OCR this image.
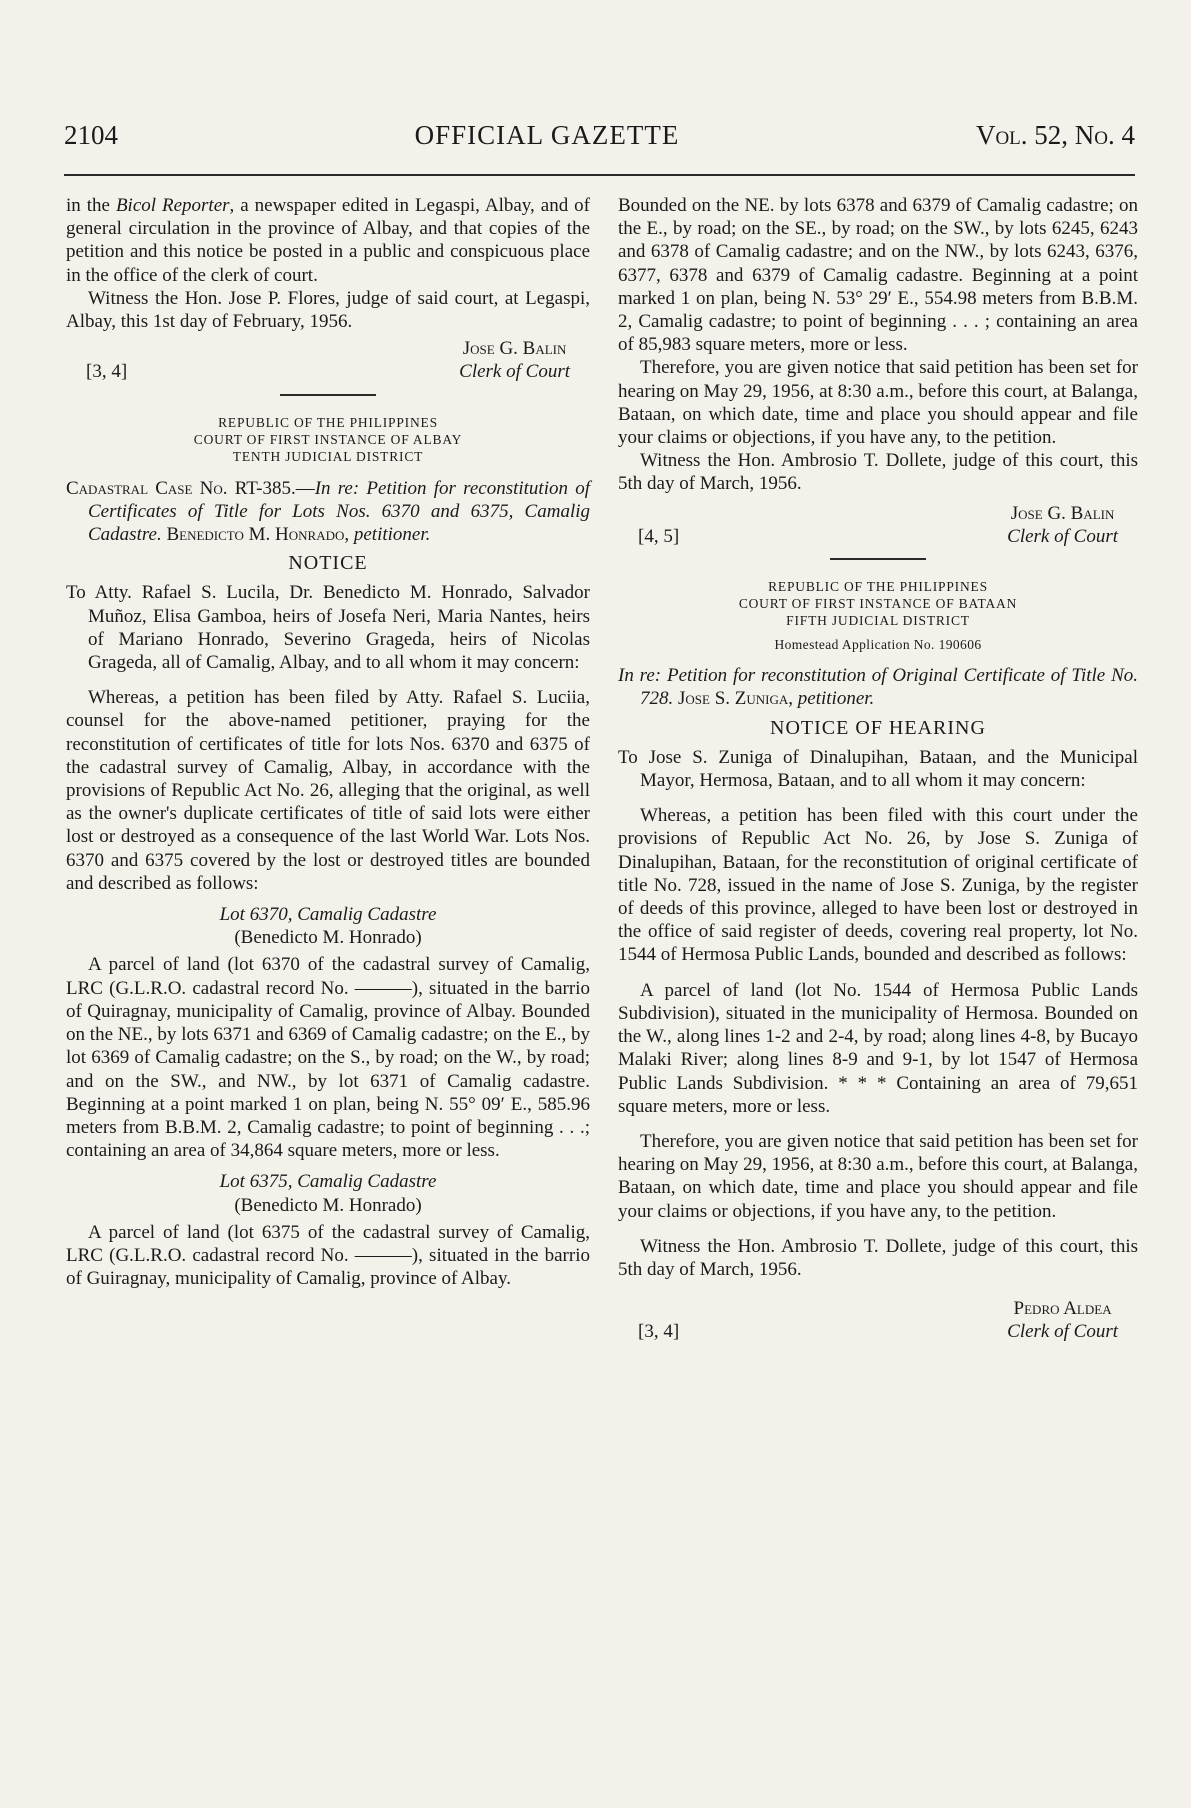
2104	OFFICIAL GAZETTE	Vol. 52, No. 4

in the Bicol Reporter, a newspaper edited in Legaspi, Albay, and of general circulation in the province of Albay, and that copies of the petition and this notice be posted in a public and conspicuous place in the office of the clerk of court.

Witness the Hon. Jose P. Flores, judge of said court, at Legaspi, Albay, this 1st day of February, 1956.

[3, 4]
Jose G. Balin
Clerk of Court
REPUBLIC OF THE PHILIPPINES
COURT OF FIRST INSTANCE OF ALBAY
TENTH JUDICIAL DISTRICT

Cadastral Case No. RT-385.—In re: Petition for reconstitution of Certificates of Title for Lots Nos. 6370 and 6375, Camalig Cadastre. Benedicto M. Honrado, petitioner.

NOTICE

To Atty. Rafael S. Lucila, Dr. Benedicto M. Honrado, Salvador Muñoz, Elisa Gamboa, heirs of Josefa Neri, Maria Nantes, heirs of Mariano Honrado, Severino Grageda, heirs of Nicolas Grageda, all of Camalig, Albay, and to all whom it may concern:

Whereas, a petition has been filed by Atty. Rafael S. Luciia, counsel for the above-named petitioner, praying for the reconstitution of certificates of title for lots Nos. 6370 and 6375 of the cadastral survey of Camalig, Albay, in accordance with the provisions of Republic Act No. 26, alleging that the original, as well as the owner's duplicate certificates of title of said lots were either lost or destroyed as a consequence of the last World War. Lots Nos. 6370 and 6375 covered by the lost or destroyed titles are bounded and described as follows:

Lot 6370, Camalig Cadastre
(Benedicto M. Honrado)

A parcel of land (lot 6370 of the cadastral survey of Camalig, LRC (G.L.R.O. cadastral record No. ———), situated in the barrio of Quiragnay, municipality of Camalig, province of Albay. Bounded on the NE., by lots 6371 and 6369 of Camalig cadastre; on the E., by lot 6369 of Camalig cadastre; on the S., by road; on the W., by road; and on the SW., and NW., by lot 6371 of Camalig cadastre. Beginning at a point marked 1 on plan, being N. 55° 09′ E., 585.96 meters from B.B.M. 2, Camalig cadastre; to point of beginning . . .; containing an area of 34,864 square meters, more or less.

Lot 6375, Camalig Cadastre
(Benedicto M. Honrado)

A parcel of land (lot 6375 of the cadastral survey of Camalig, LRC (G.L.R.O. cadastral record No. ———), situated in the barrio of Guiragnay, municipality of Camalig, province of Albay.

Bounded on the NE. by lots 6378 and 6379 of Camalig cadastre; on the E., by road; on the SE., by road; on the SW., by lots 6245, 6243 and 6378 of Camalig cadastre; and on the NW., by lots 6243, 6376, 6377, 6378 and 6379 of Camalig cadastre. Beginning at a point marked 1 on plan, being N. 53° 29′ E., 554.98 meters from B.B.M. 2, Camalig cadastre; to point of beginning . . . ; containing an area of 85,983 square meters, more or less.

Therefore, you are given notice that said petition has been set for hearing on May 29, 1956, at 8:30 a.m., before this court, at Balanga, Bataan, on which date, time and place you should appear and file your claims or objections, if you have any, to the petition.

Witness the Hon. Ambrosio T. Dollete, judge of this court, this 5th day of March, 1956.

[4, 5]
Jose G. Balin
Clerk of Court
REPUBLIC OF THE PHILIPPINES
COURT OF FIRST INSTANCE OF BATAAN
FIFTH JUDICIAL DISTRICT
Homestead Application No. 190606

In re: Petition for reconstitution of Original Certificate of Title No. 728. Jose S. Zuniga, petitioner.

NOTICE OF HEARING

To Jose S. Zuniga of Dinalupihan, Bataan, and the Municipal Mayor, Hermosa, Bataan, and to all whom it may concern:

Whereas, a petition has been filed with this court under the provisions of Republic Act No. 26, by Jose S. Zuniga of Dinalupihan, Bataan, for the reconstitution of original certificate of title No. 728, issued in the name of Jose S. Zuniga, by the register of deeds of this province, alleged to have been lost or destroyed in the office of said register of deeds, covering real property, lot No. 1544 of Hermosa Public Lands, bounded and described as follows:

A parcel of land (lot No. 1544 of Hermosa Public Lands Subdivision), situated in the municipality of Hermosa. Bounded on the W., along lines 1-2 and 2-4, by road; along lines 4-8, by Bucayo Malaki River; along lines 8-9 and 9-1, by lot 1547 of Hermosa Public Lands Subdivision. * * * Containing an area of 79,651 square meters, more or less.

Therefore, you are given notice that said petition has been set for hearing on May 29, 1956, at 8:30 a.m., before this court, at Balanga, Bataan, on which date, time and place you should appear and file your claims or objections, if you have any, to the petition.

Witness the Hon. Ambrosio T. Dollete, judge of this court, this 5th day of March, 1956.

[3, 4]
Pedro Aldea
Clerk of Court
